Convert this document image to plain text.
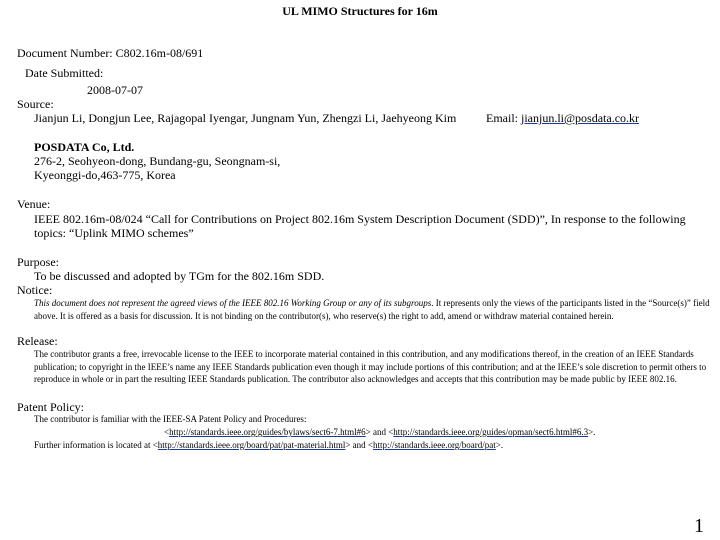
UL MIMO Structures for 16m
Document Number: C802.16m-08/691
Date Submitted:
2008-07-07
Source:
Jianjun Li, Dongjun Lee, Rajagopal Iyengar, Jungnam Yun, Zhengzi Li, Jaehyeong Kim Email: jianjun.li@posdata.co.kr
POSDATA Co, Ltd.
276-2, Seohyeon-dong, Bundang-gu, Seongnam-si,
Kyeonggi-do,463-775, Korea
Venue:
IEEE 802.16m-08/024 “Call for Contributions on Project 802.16m System Description Document (SDD)”, In response to the following
topics: “Uplink MIMO schemes”
Purpose:
To be discussed and adopted by TGm for the 802.16m SDD.
Notice:
This document does not represent the agreed views of the IEEE 802.16 Working Group or any of its subgroups. It represents only the views of the participants listed in the “Source(s)” field above. It is offered as a basis for discussion. It is not binding on the contributor(s), who reserve(s) the right to add, amend or withdraw material contained herein.
Release:
The contributor grants a free, irrevocable license to the IEEE to incorporate material contained in this contribution, and any modifications thereof, in the creation of an IEEE Standards publication; to copyright in the IEEE’s name any IEEE Standards publication even though it may include portions of this contribution; and at the IEEE’s sole discretion to permit others to reproduce in whole or in part the resulting IEEE Standards publication. The contributor also acknowledges and accepts that this contribution may be made public by IEEE 802.16.
Patent Policy:
The contributor is familiar with the IEEE-SA Patent Policy and Procedures:
<http://standards.ieee.org/guides/bylaws/sect6-7.html#6> and <http://standards.ieee.org/guides/opman/sect6.html#6.3>.
Further information is located at <http://standards.ieee.org/board/pat/pat-material.html> and <http://standards.ieee.org/board/pat>.
1
